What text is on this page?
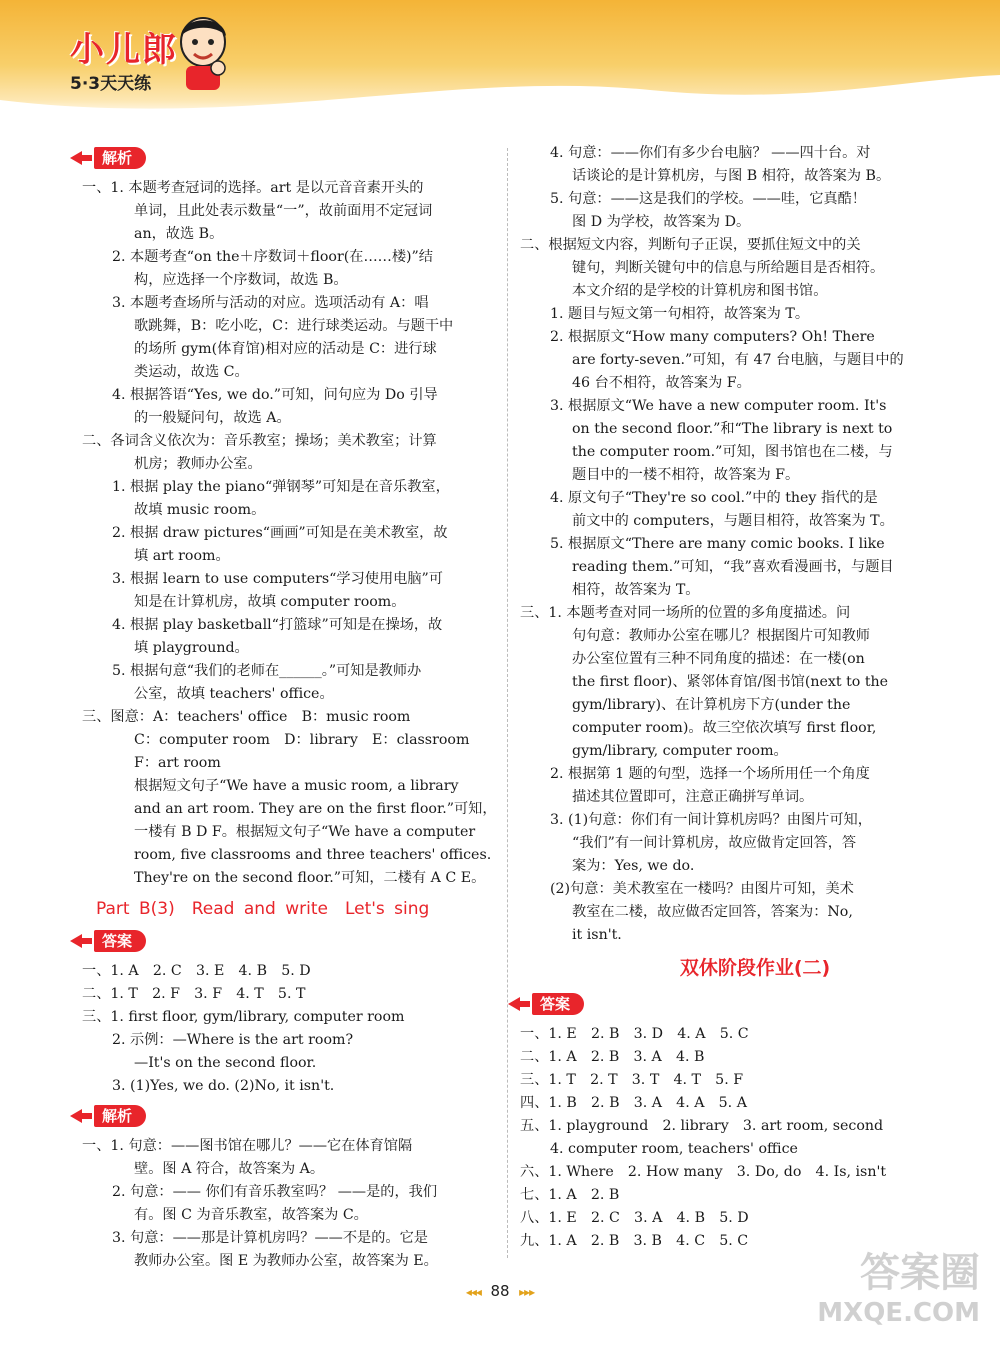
小儿郎
5·3天天练
解析
一、1. 本题考查冠词的选择。art 是以元音音素开头的
单词，且此处表示数量“一”，故前面用不定冠词
an，故选 B。
2. 本题考查“on the＋序数词＋floor(在……楼)”结
构，应选择一个序数词，故选 B。
3. 本题考查场所与活动的对应。选项活动有 A：唱
歌跳舞，B：吃小吃，C：进行球类运动。与题干中
的场所 gym(体育馆)相对应的活动是 C：进行球
类运动，故选 C。
4. 根据答语“Yes, we do.”可知，问句应为 Do 引导
的一般疑问句，故选 A。
二、各词含义依次为：音乐教室；操场；美术教室；计算
机房；教师办公室。
1. 根据 play the piano“弹钢琴”可知是在音乐教室，
故填 music room。
2. 根据 draw pictures“画画”可知是在美术教室，故
填 art room。
3. 根据 learn to use computers“学习使用电脑”可
知是在计算机房，故填 computer room。
4. 根据 play basketball“打篮球”可知是在操场，故
填 playground。
5. 根据句意“我们的老师在______。”可知是教师办
公室，故填 teachers' office。
三、图意：A：teachers' office　B：music room
C：computer room　D：library　E：classroom
F：art room
根据短文句子“We have a music room, a library
and an art room. They are on the first floor.”可知，
一楼有 B D F。根据短文句子“We have a computer
room, five classrooms and three teachers' offices.
They're on the second floor.”可知，二楼有 A C E。
Part B(3)　Read and write　Let's sing
答案
一、1. A　2. C　3. E　4. B　5. D
二、1. T　2. F　3. F　4. T　5. T
三、1. first floor, gym/library, computer room
2. 示例：—Where is the art room?
—It's on the second floor.
3. (1)Yes, we do. (2)No, it isn't.
解析
一、1. 句意：——图书馆在哪儿？——它在体育馆隔
壁。图 A 符合，故答案为 A。
2. 句意：—— 你们有音乐教室吗？ ——是的，我们
有。图 C 为音乐教室，故答案为 C。
3. 句意：——那是计算机房吗？——不是的。它是
教师办公室。图 E 为教师办公室，故答案为 E。
4. 句意：——你们有多少台电脑？ ——四十台。对
话谈论的是计算机房，与图 B 相符，故答案为 B。
5. 句意：——这是我们的学校。——哇，它真酷！
图 D 为学校，故答案为 D。
二、根据短文内容，判断句子正误，要抓住短文中的关
键句，判断关键句中的信息与所给题目是否相符。
本文介绍的是学校的计算机房和图书馆。
1. 题目与短文第一句相符，故答案为 T。
2. 根据原文“How many computers? Oh! There
are forty-seven.”可知，有 47 台电脑，与题目中的
46 台不相符，故答案为 F。
3. 根据原文“We have a new computer room. It's
on the second floor.”和“The library is next to
the computer room.”可知，图书馆也在二楼，与
题目中的一楼不相符，故答案为 F。
4. 原文句子“They're so cool.”中的 they 指代的是
前文中的 computers，与题目相符，故答案为 T。
5. 根据原文“There are many comic books. I like
reading them.”可知，“我”喜欢看漫画书，与题目
相符，故答案为 T。
三、1. 本题考查对同一场所的位置的多角度描述。问
句句意：教师办公室在哪儿？根据图片可知教师
办公室位置有三种不同角度的描述：在一楼(on
the first floor)、紧邻体育馆/图书馆(next to the
gym/library)、在计算机房下方(under the
computer room)。故三空依次填写 first floor,
gym/library, computer room。
2. 根据第 1 题的句型，选择一个场所用任一个角度
描述其位置即可，注意正确拼写单词。
3. (1)句意：你们有一间计算机房吗？由图片可知，
“我们”有一间计算机房，故应做肯定回答，答
案为：Yes, we do.
(2)句意：美术教室在一楼吗？由图片可知，美术
教室在二楼，故应做否定回答，答案为：No,
it isn't.
双休阶段作业(二)
答案
一、1. E　2. B　3. D　4. A　5. C
二、1. A　2. B　3. A　4. B
三、1. T　2. T　3. T　4. T　5. F
四、1. B　2. B　3. A　4. A　5. A
五、1. playground　2. library　3. art room, second
4. computer room, teachers' office
六、1. Where　2. How many　3. Do, do　4. Is, isn't
七、1. A　2. B
八、1. E　2. C　3. A　4. B　5. D
九、1. A　2. B　3. B　4. C　5. C
◂◂◂ 88 ▸▸▸	答案圈
MXQE.COM
